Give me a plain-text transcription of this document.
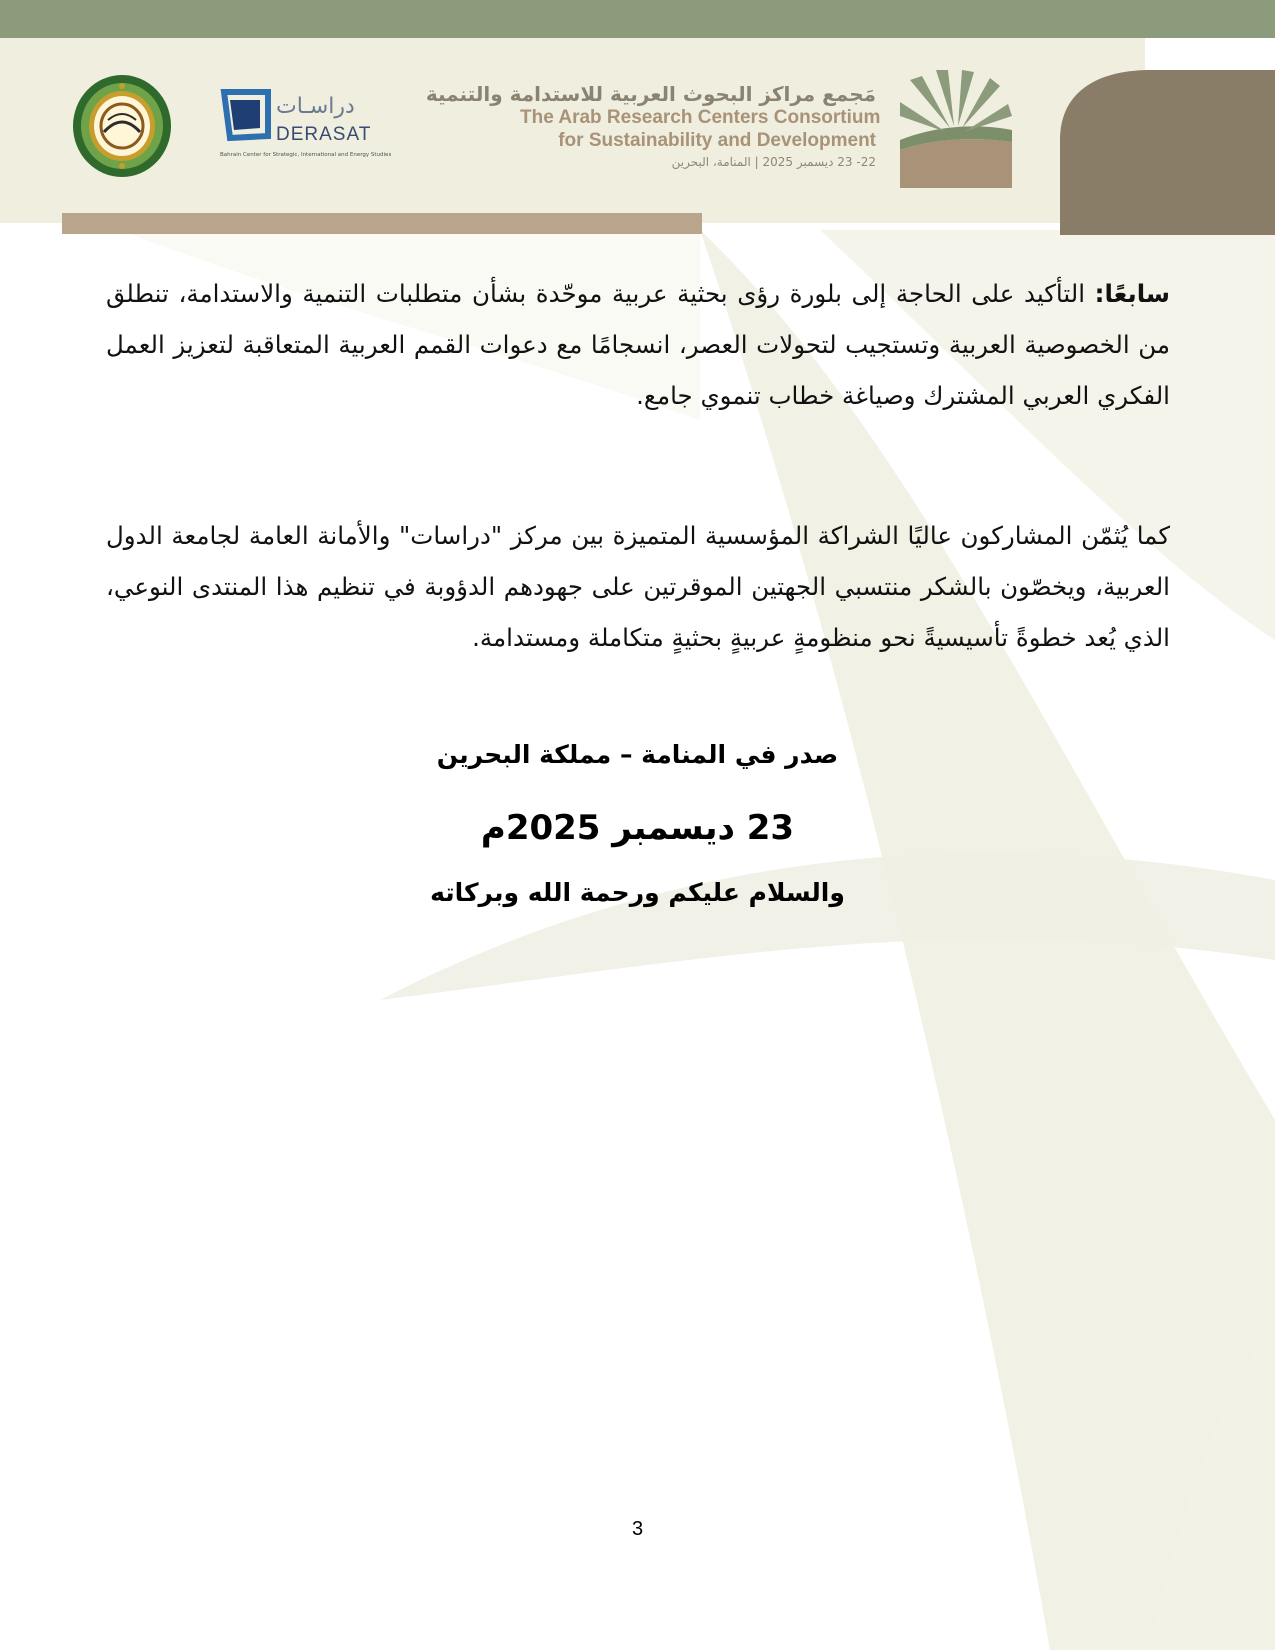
دراسـات
DERASAT
Bahrain Center for Strategic, International and Energy Studies
مَجمع مراكز البحوث العربية للاستدامة والتنمية
The Arab Research Centers Consortium
for Sustainability and Development
22- 23 ديسمبر 2025 | المنامة، البحرين
سابعًا: التأكيد على الحاجة إلى بلورة رؤى بحثية عربية موحّدة بشأن متطلبات التنمية والاستدامة، تنطلق من الخصوصية العربية وتستجيب لتحولات العصر، انسجامًا مع دعوات القمم العربية المتعاقبة لتعزيز العمل الفكري العربي المشترك وصياغة خطاب تنموي جامع.
كما يُثمّن المشاركون عاليًا الشراكة المؤسسية المتميزة بين مركز "دراسات" والأمانة العامة لجامعة الدول العربية، ويخصّون بالشكر منتسبي الجهتين الموقرتين على جهودهم الدؤوبة في تنظيم هذا المنتدى النوعي، الذي يُعد خطوةً تأسيسيةً نحو منظومةٍ عربيةٍ بحثيةٍ متكاملة ومستدامة.
صدر في المنامة – مملكة البحرين
23 ديسمبر 2025م
والسلام عليكم ورحمة الله وبركاته
3
